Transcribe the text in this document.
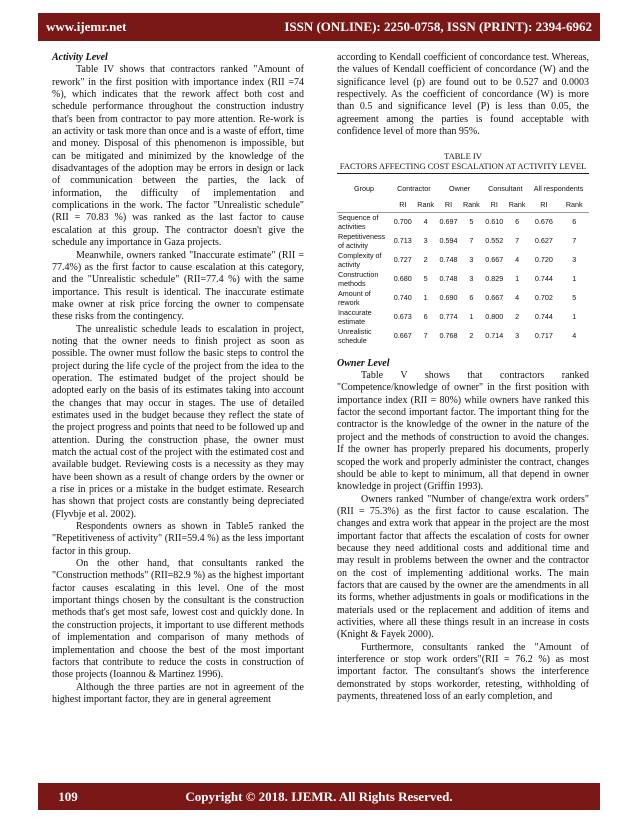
www.ijemr.net	ISSN (ONLINE): 2250-0758, ISSN (PRINT): 2394-6962

Activity Level

Table IV shows that contractors ranked "Amount of rework" in the first position with importance index (RII =74 %), which indicates that the rework affect both cost and schedule performance throughout the construction industry that's been from contractor to pay more attention. Re-work is an activity or task more than once and is a waste of effort, time and money. Disposal of this phenomenon is impossible, but can be mitigated and minimized by the knowledge of the disadvantages of the adoption may be errors in design or lack of communication between the parties, the lack of information, the difficulty of implementation and complications in the work. The factor "Unrealistic schedule" (RII = 70.83 %) was ranked as the last factor to cause escalation at this group. The contractor doesn't give the schedule any importance in Gaza projects.

Meanwhile, owners ranked "Inaccurate estimate" (RII = 77.4%) as the first factor to cause escalation at this category, and the "Unrealistic schedule" (RII=77.4 %) with the same importance. This result is identical. The inaccurate estimate make owner at risk price forcing the owner to compensate these risks from the contingency.

The unrealistic schedule leads to escalation in project, noting that the owner needs to finish project as soon as possible. The owner must follow the basic steps to control the project during the life cycle of the project from the idea to the operation. The estimated budget of the project should be adopted early on the basis of its estimates taking into account the changes that may occur in stages. The use of detailed estimates used in the budget because they reflect the state of the project progress and points that need to be followed up and attention. During the construction phase, the owner must match the actual cost of the project with the estimated cost and available budget. Reviewing costs is a necessity as they may have been shown as a result of change orders by the owner or a rise in prices or a mistake in the budget estimate. Research has shown that project costs are constantly being depreciated (Flyvbje et al. 2002).

Respondents owners as shown in Table5 ranked the "Repetitiveness of activity" (RII=59.4 %) as the less important factor in this group.

On the other hand, that consultants ranked the "Construction methods" (RII=82.9 %) as the highest important factor causes escalating in this level. One of the most important things chosen by the consultant is the construction methods that's get most safe, lowest cost and quickly done. In the construction projects, it important to use different methods of implementation and comparison of many methods of implementation and choose the best of the most important factors that contribute to reduce the costs in construction of those projects (Ioannou & Martinez 1996).

Although the three parties are not in agreement of the highest important factor, they are in general agreement

according to Kendall coefficient of concordance test. Whereas, the values of Kendall coefficient of concordance (W) and the significance level (p) are found out to be 0.527 and 0.0003 respectively. As the coefficient of concordance (W) is more than 0.5 and significance level (P) is less than 0.05, the agreement among the parties is found acceptable with confidence level of more than 95%.

TABLE IV
FACTORS AFFECTING COST ESCALATION AT ACTIVITY LEVEL
Group	Contractor		Owner		Consultant		All respondents	
	RI	Rank	RI	Rank	RI	Rank	RI	Rank
Sequence of activities	0.700	4	0.697	5	0.610	6	0.676	6
Repetitiveness of activity	0.713	3	0.594	7	0.552	7	0.627	7
Complexity of activity	0.727	2	0.748	3	0.667	4	0.720	3
Construction methods	0.680	5	0.748	3	0.829	1	0.744	1
Amount of rework	0.740	1	0.690	6	0.667	4	0.702	5
Inaccurate estimate	0.673	6	0.774	1	0.800	2	0.744	1
Unrealistic schedule	0.667	7	0.768	2	0.714	3	0.717	4

Owner Level

Table V shows that contractors ranked "Competence/knowledge of owner" in the first position with importance index (RII = 80%) while owners have ranked this factor the second important factor. The important thing for the contractor is the knowledge of the owner in the nature of the project and the methods of construction to avoid the changes. If the owner has properly prepared his documents, properly scoped the work and properly administer the contract, changes should be able to kept to minimum, all that depend in owner knowledge in project (Griffin 1993).

Owners ranked "Number of change/extra work orders"(RII = 75.3%) as the first factor to cause escalation. The changes and extra work that appear in the project are the most important factor that affects the escalation of costs for owner because they need additional costs and additional time and may result in problems between the owner and the contractor on the cost of implementing additional works. The main factors that are caused by the owner are the amendments in all its forms, whether adjustments in goals or modifications in the materials used or the replacement and addition of items and activities, where all these things result in an increase in costs (Knight & Fayek 2000).

Furthermore, consultants ranked the "Amount of interference or stop work orders"(RII = 76.2 %) as most important factor. The consultant's shows the interference demonstrated by stops workorder, retesting, withholding of payments, threatened loss of an early completion, and

109	Copyright © 2018. IJEMR. All Rights Reserved.
